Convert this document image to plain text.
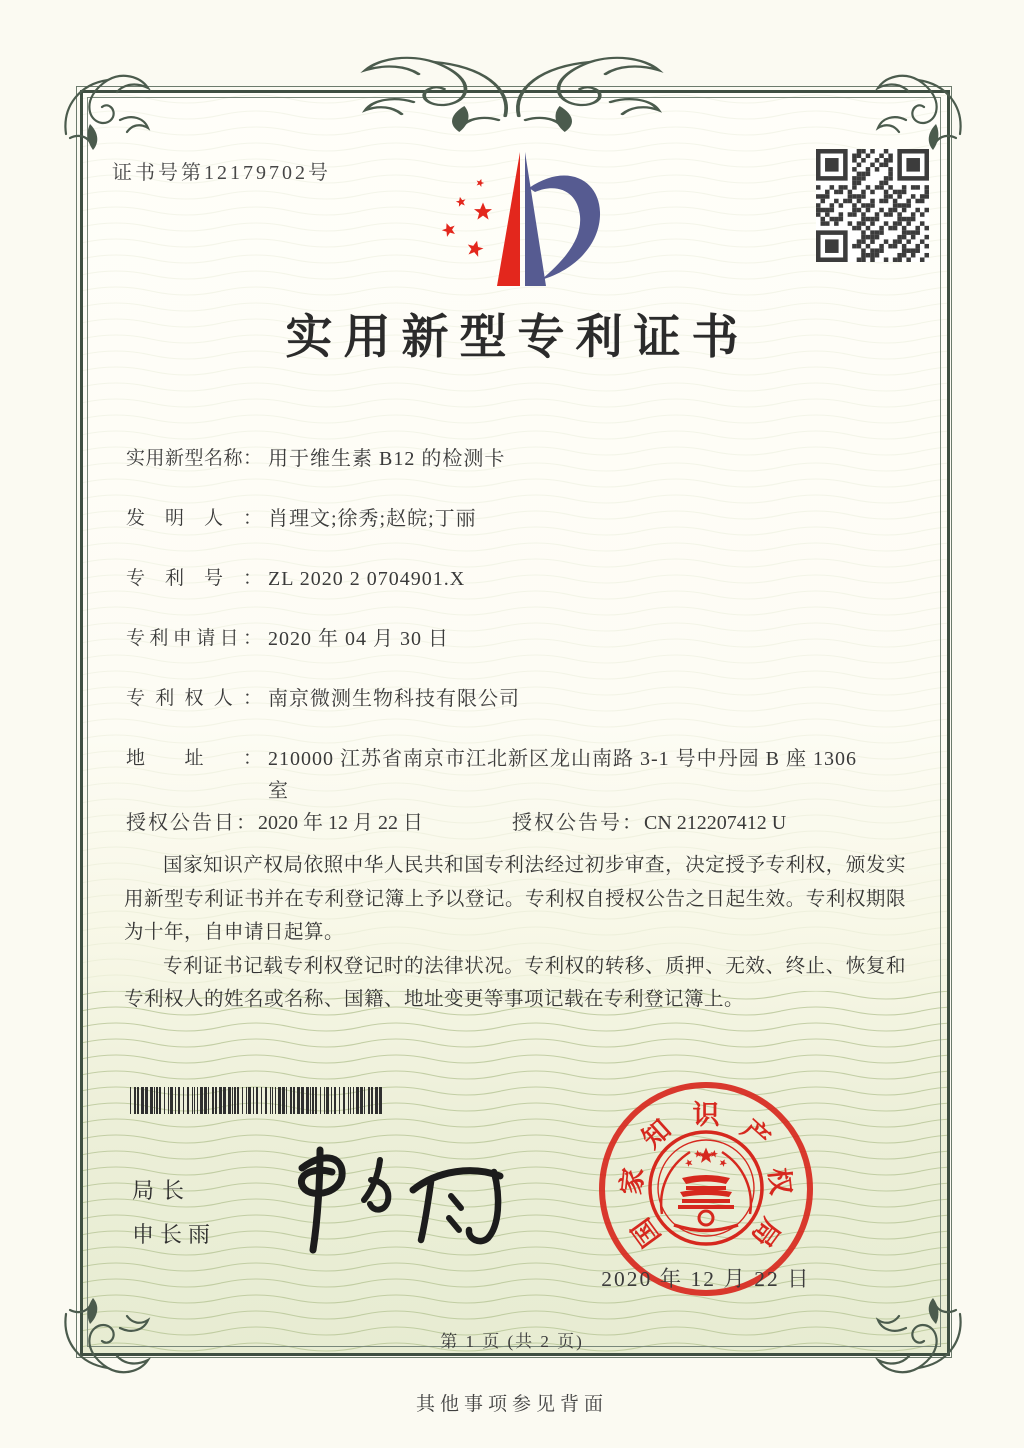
证书号第12179702号
实用新型专利证书
实用新型名称： 用于维生素 B12 的检测卡
发明人： 肖理文;徐秀;赵皖;丁丽
专利号： ZL 2020 2 0704901.X
专利申请日： 2020 年 04 月 30 日
专利权人： 南京微测生物科技有限公司
地址： 210000 江苏省南京市江北新区龙山南路 3-1 号中丹园 B 座 1306 室
授权公告日：2020 年 12 月 22 日	授权公告号：CN 212207412 U

国家知识产权局依照中华人民共和国专利法经过初步审查，决定授予专利权，颁发实用新型专利证书并在专利登记簿上予以登记。专利权自授权公告之日起生效。专利权期限为十年，自申请日起算。

专利证书记载专利权登记时的法律状况。专利权的转移、质押、无效、终止、恢复和专利权人的姓名或名称、国籍、地址变更等事项记载在专利登记簿上。

局长
申长雨	国
家
知 识 产
权
局
2020 年 12 月 22 日
第 1 页 (共 2 页)
其他事项参见背面
